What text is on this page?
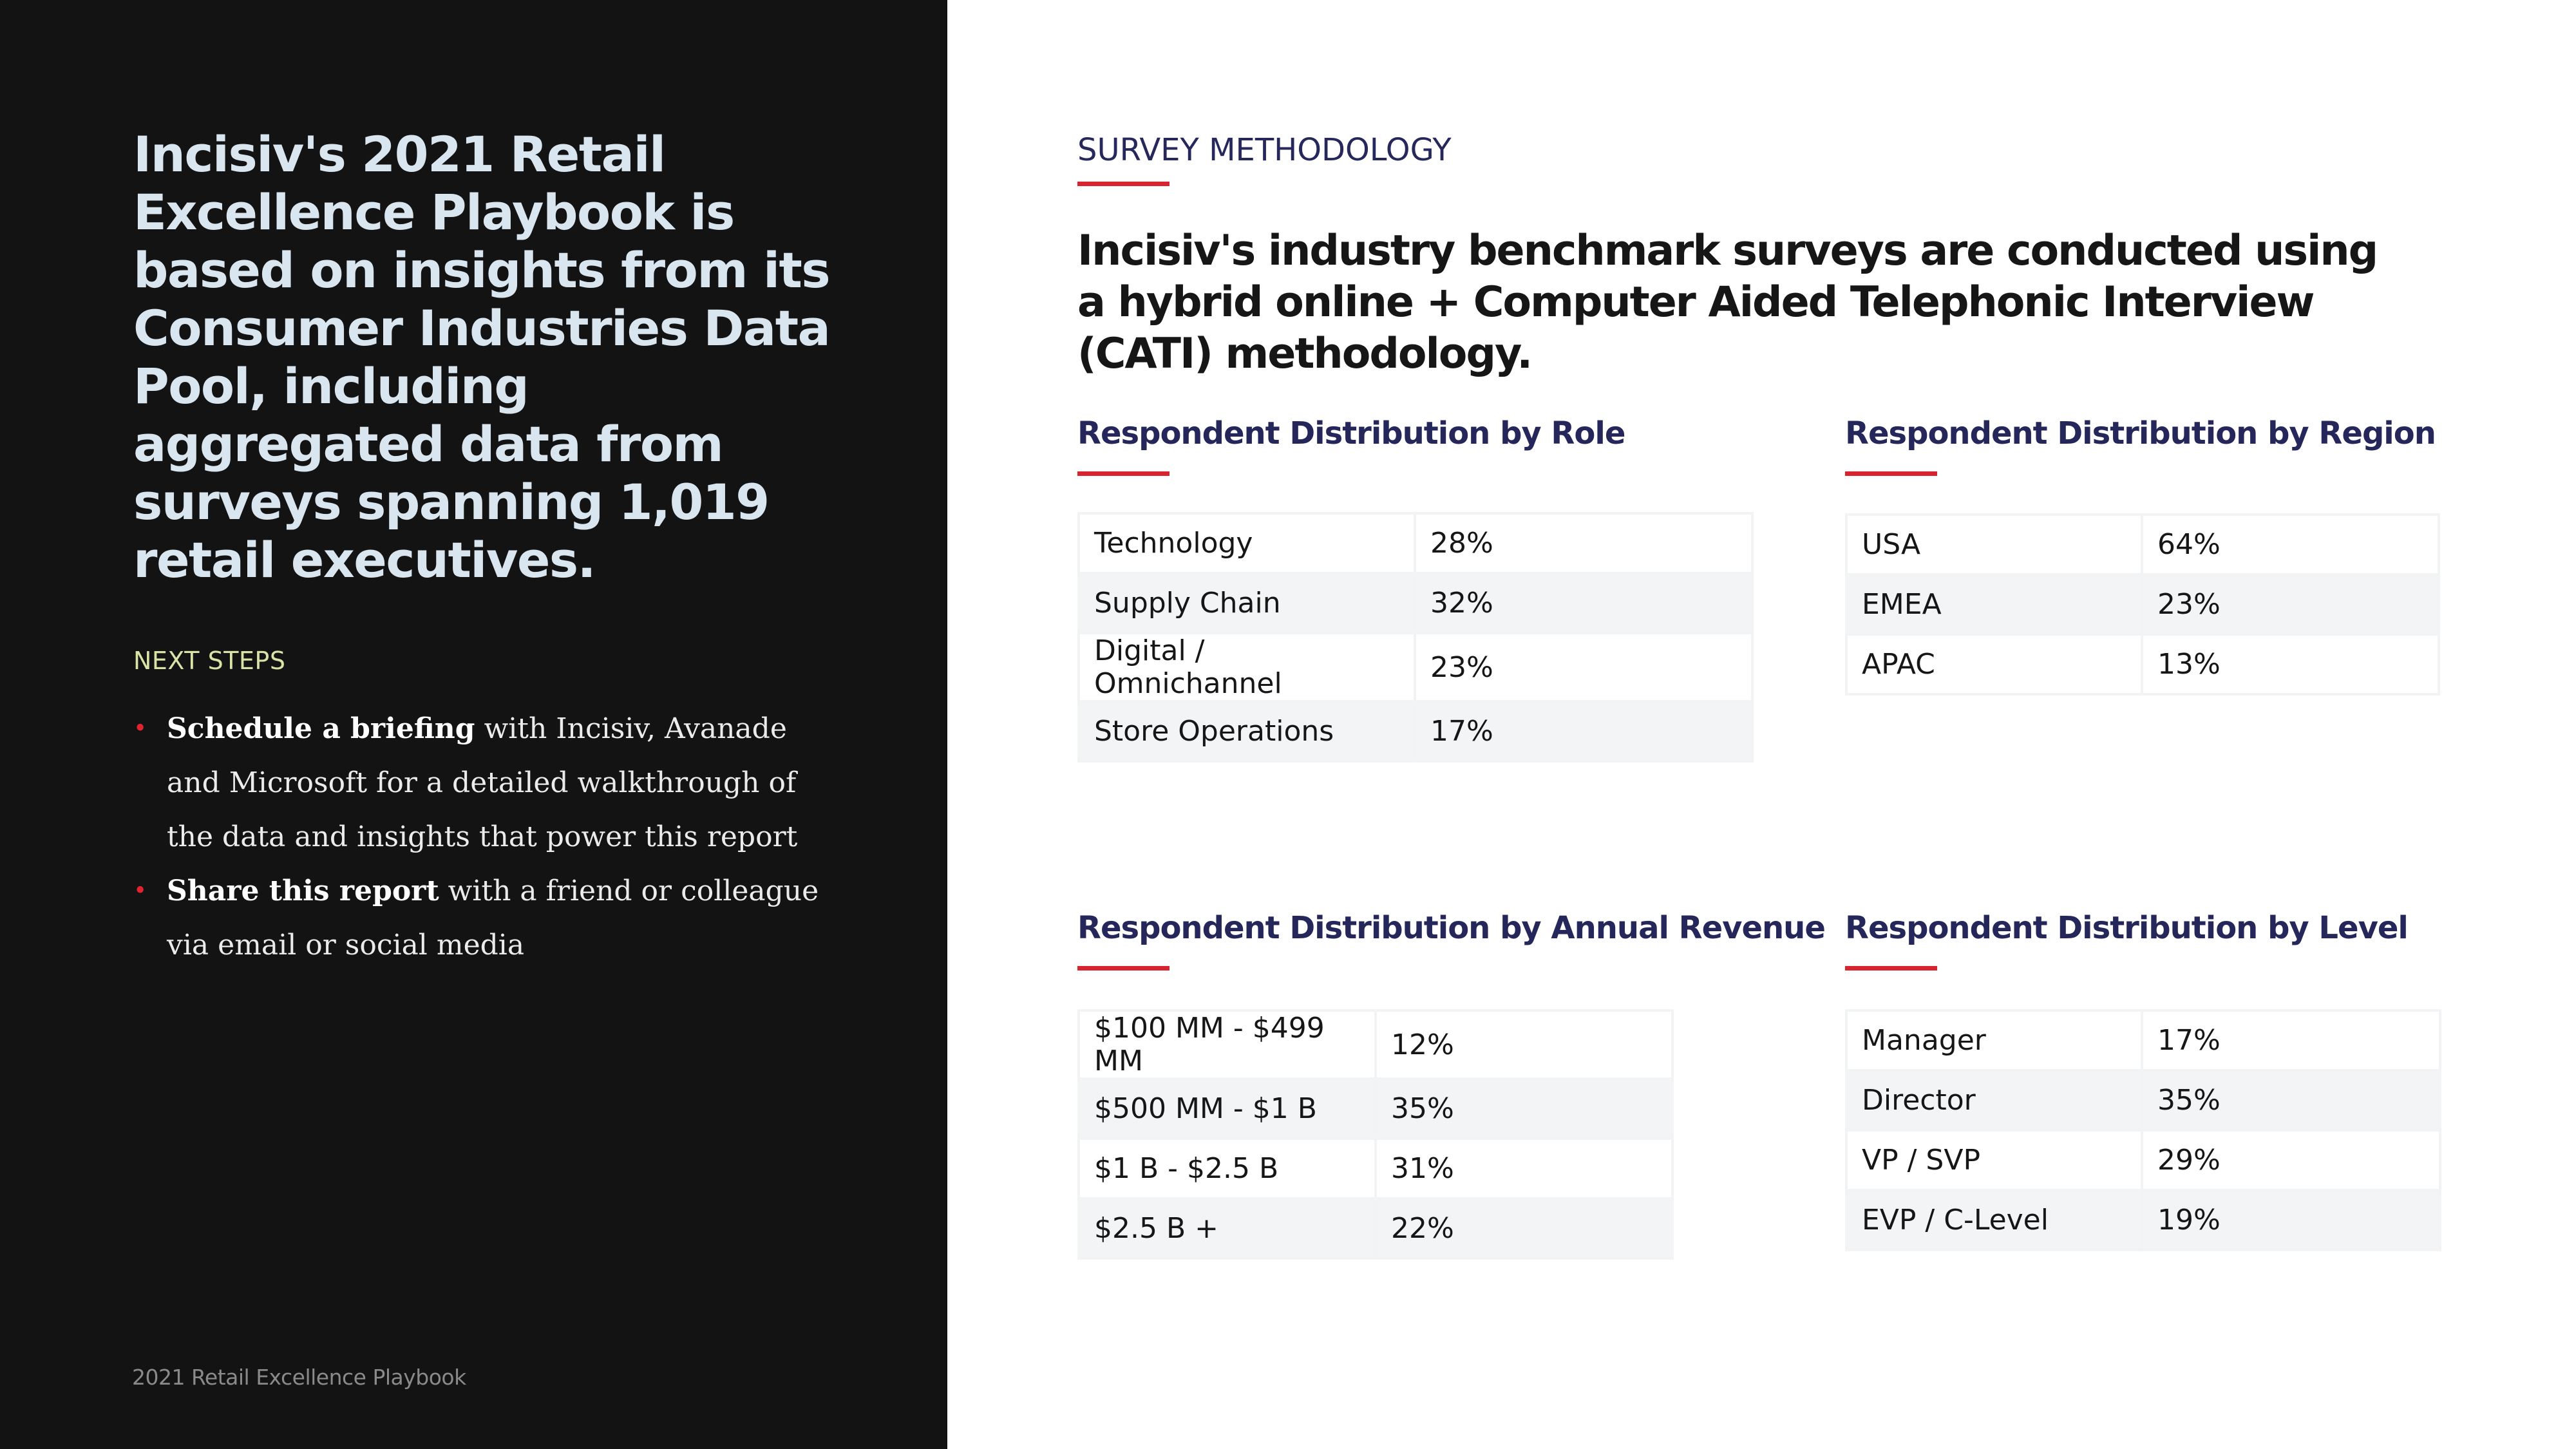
Incisiv's 2021 Retail Excellence Playbook is based on insights from its Consumer Industries Data Pool, including aggregated data from surveys spanning 1,019 retail executives.

NEXT STEPS

• Schedule a briefing with Incisiv, Avanade and Microsoft for a detailed walkthrough of the data and insights that power this report
• Share this report with a friend or colleague via email or social media

2021 Retail Excellence Playbook

SURVEY METHODOLOGY

Incisiv's industry benchmark surveys are conducted using a hybrid online + Computer Aided Telephonic Interview (CATI) methodology.
Respondent Distribution by Role
Technology	28%
Supply Chain	32%
Digital / Omnichannel	23%
Store Operations	17%
Respondent Distribution by Region
USA	64%
EMEA	23%
APAC	13%
Respondent Distribution by Annual Revenue
$100 MM - $499 MM	12%
$500 MM - $1 B	35%
$1 B - $2.5 B	31%
$2.5 B +	22%
Respondent Distribution by Level
Manager	17%
Director	35%
VP / SVP	29%
EVP / C-Level	19%
